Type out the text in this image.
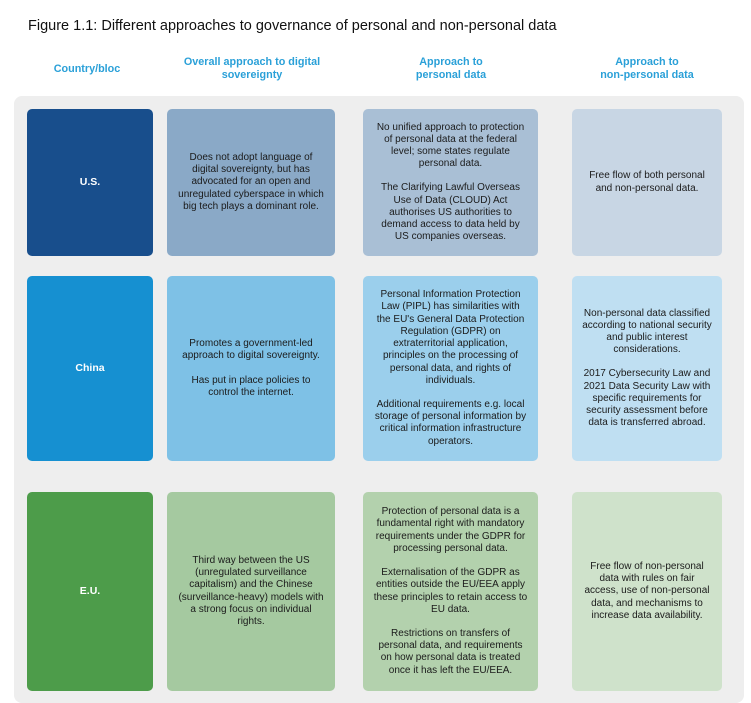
Figure 1.1: Different approaches to governance of personal and non-personal data
Country/bloc
Overall approach to digital
sovereignty
Approach to
personal data
Approach to
non-personal data
U.S.
Does not adopt language of digital sovereignty, but has advocated for an open and unregulated cyberspace in which big tech plays a dominant role.
No unified approach to protection of personal data at the federal level; some states regulate personal data.
The Clarifying Lawful Overseas Use of Data (CLOUD) Act authorises US authorities to demand access to data held by US companies overseas.
Free flow of both personal and non-personal data.
China
Promotes a government-led approach to digital sovereignty.
Has put in place policies to control the internet.
Personal Information Protection Law (PIPL) has similarities with the EU's General Data Protection Regulation (GDPR) on extraterritorial application, principles on the processing of personal data, and rights of individuals.
Additional requirements e.g. local storage of personal information by critical information infrastructure operators.
Non-personal data classified according to national security and public interest considerations.
2017 Cybersecurity Law and 2021 Data Security Law with specific requirements for security assessment before data is transferred abroad.
E.U.
Third way between the US (unregulated surveillance capitalism) and the Chinese (surveillance-heavy) models with a strong focus on individual rights.
Protection of personal data is a fundamental right with mandatory requirements under the GDPR for processing personal data.
Externalisation of the GDPR as entities outside the EU/EEA apply these principles to retain access to EU data.
Restrictions on transfers of personal data, and requirements on how personal data is treated once it has left the EU/EEA.
Free flow of non-personal data with rules on fair access, use of non-personal data, and mechanisms to increase data availability.
